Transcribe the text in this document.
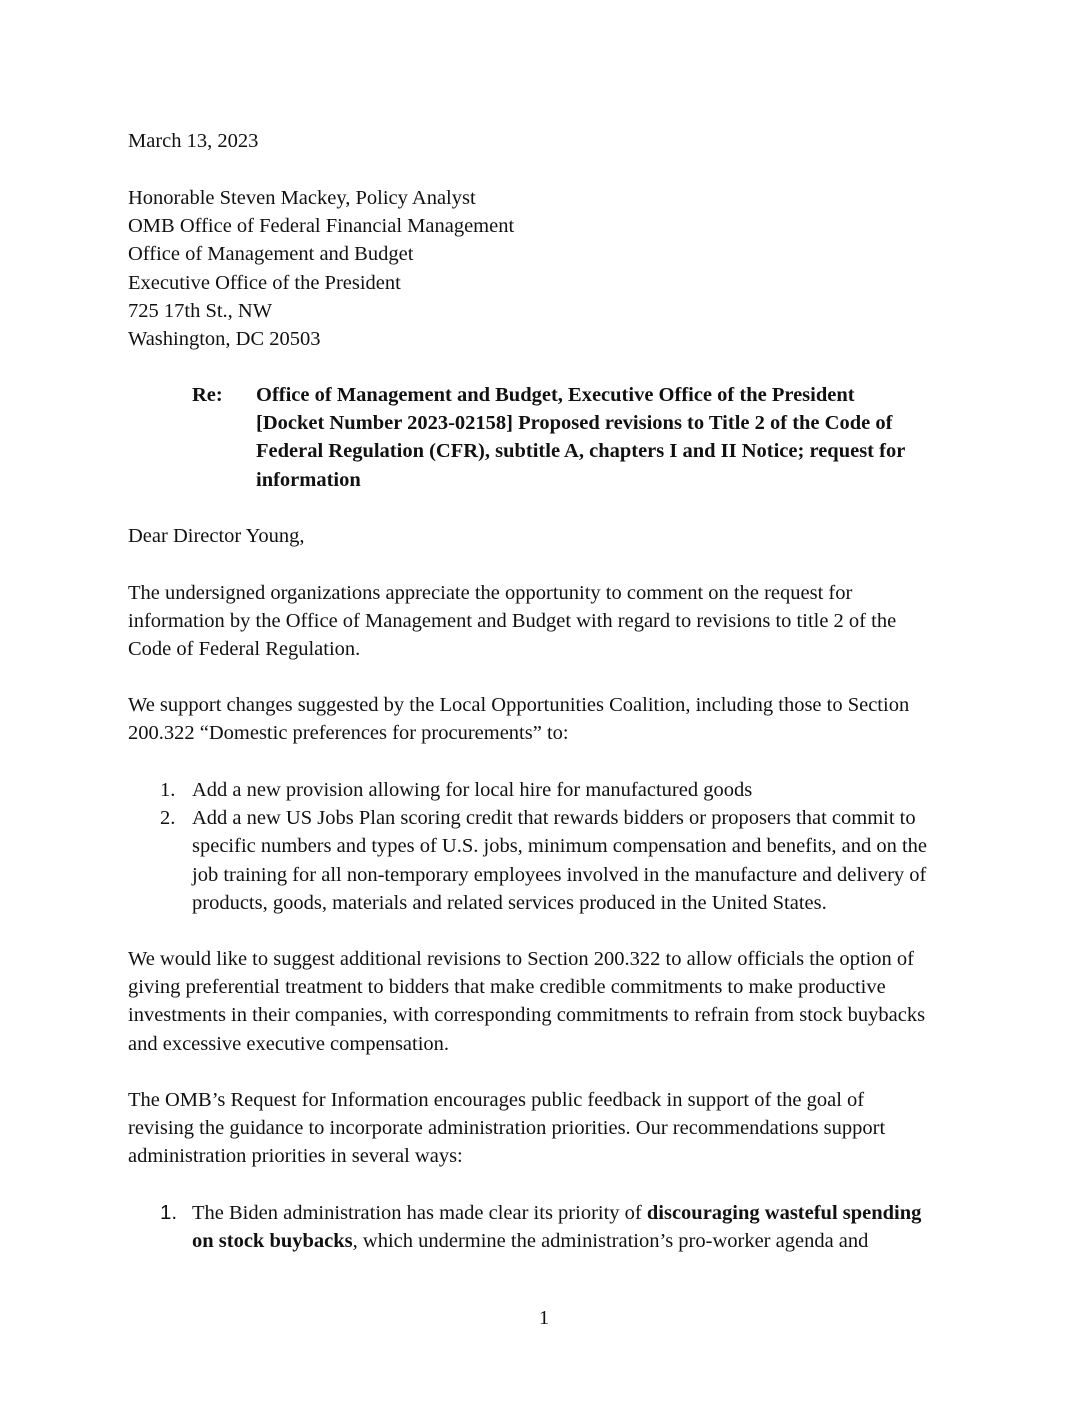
March 13, 2023
Honorable Steven Mackey, Policy Analyst
OMB Office of Federal Financial Management
Office of Management and Budget
Executive Office of the President
725 17th St., NW
Washington, DC 20503
Re: Office of Management and Budget, Executive Office of the President
[Docket Number 2023-02158] Proposed revisions to Title 2 of the Code of
Federal Regulation (CFR), subtitle A, chapters I and II Notice; request for
information
Dear Director Young,
The undersigned organizations appreciate the opportunity to comment on the request for
information by the Office of Management and Budget with regard to revisions to title 2 of the
Code of Federal Regulation.
We support changes suggested by the Local Opportunities Coalition, including those to Section
200.322 “Domestic preferences for procurements” to:
1. Add a new provision allowing for local hire for manufactured goods
2. Add a new US Jobs Plan scoring credit that rewards bidders or proposers that commit to
specific numbers and types of U.S. jobs, minimum compensation and benefits, and on the
job training for all non-temporary employees involved in the manufacture and delivery of
products, goods, materials and related services produced in the United States.
We would like to suggest additional revisions to Section 200.322 to allow officials the option of
giving preferential treatment to bidders that make credible commitments to make productive
investments in their companies, with corresponding commitments to refrain from stock buybacks
and excessive executive compensation.
The OMB’s Request for Information encourages public feedback in support of the goal of
revising the guidance to incorporate administration priorities. Our recommendations support
administration priorities in several ways:
1. The Biden administration has made clear its priority of discouraging wasteful spending
on stock buybacks, which undermine the administration’s pro-worker agenda and
1
